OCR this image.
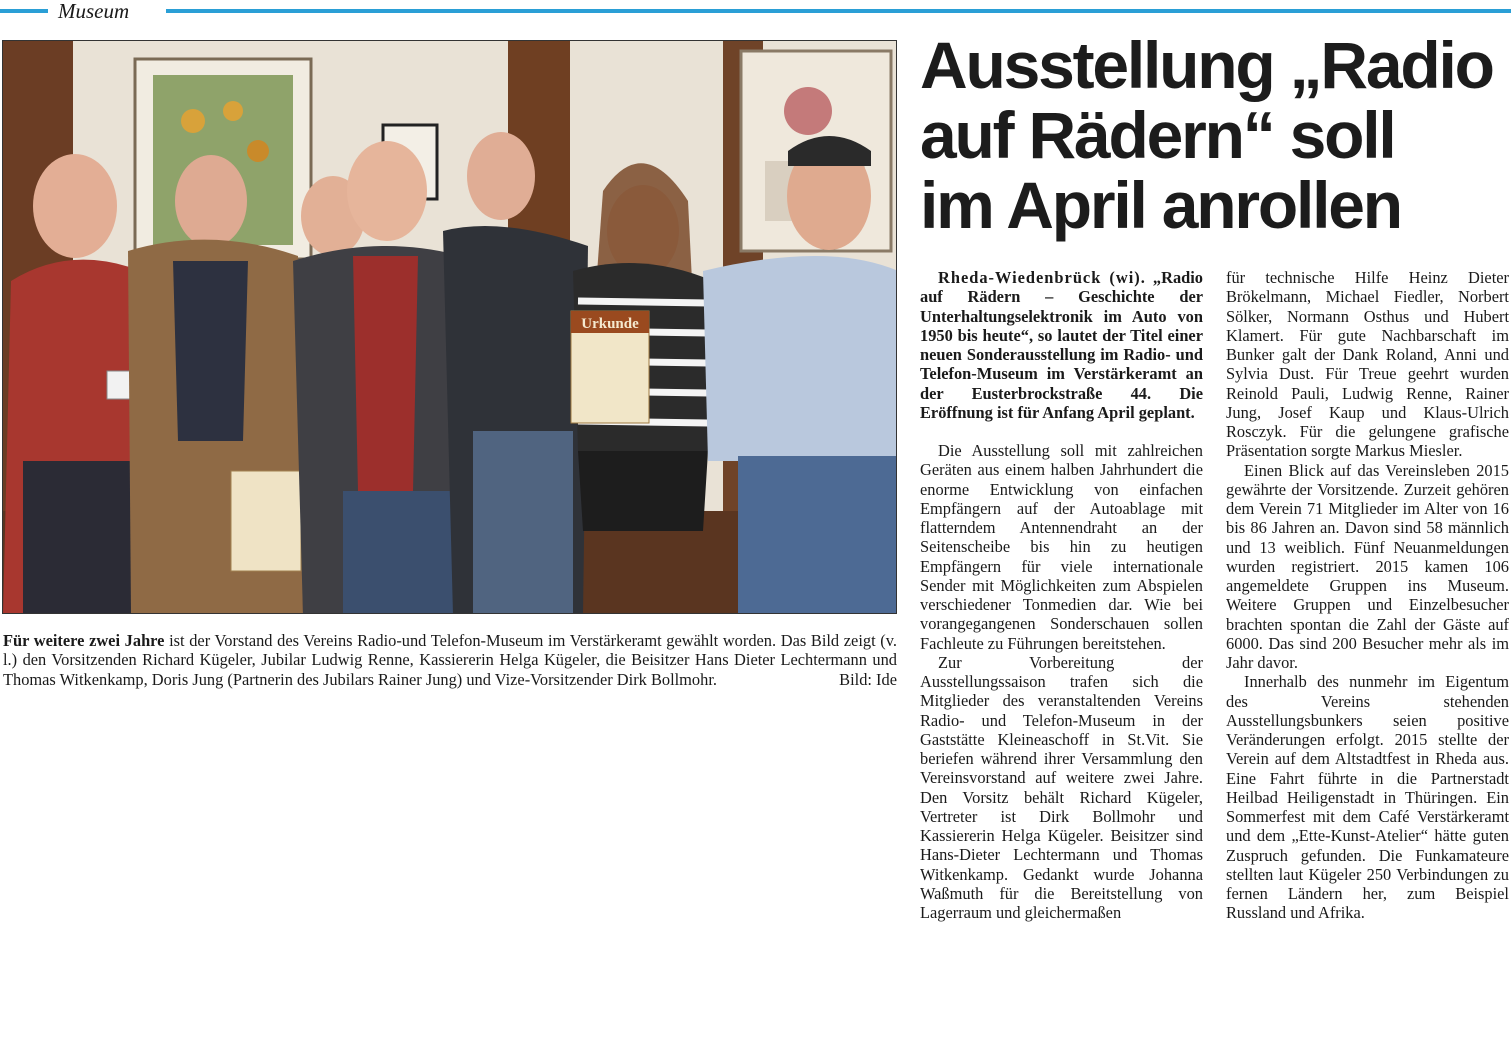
Museum
Urkunde
Für weitere zwei Jahre ist der Vorstand des Vereins Radio-und Telefon-Museum im Verstärkeramt gewählt worden. Das Bild zeigt (v. l.) den Vorsitzenden Richard Kügeler, Jubilar Ludwig Renne, Kassiererin Helga Kügeler, die Beisitzer Hans Dieter Lechtermann und Thomas Witkenkamp, Doris Jung (Partnerin des Jubilars Rainer Jung) und Vize-Vorsitzender Dirk Bollmohr.	Bild: Ide
Ausstellung „Radio
auf Rädern“ soll
im April anrollen

Rheda-Wiedenbrück (wi). „Radio auf Rädern – Geschichte der Unterhaltungselektronik im Auto von 1950 bis heute“, so lautet der Titel einer neuen Sonderausstellung im Radio- und Telefon-Museum im Verstärkeramt an der Eusterbrockstraße 44. Die Eröffnung ist für Anfang April geplant.

Die Ausstellung soll mit zahlreichen Geräten aus einem halben Jahrhundert die enorme Entwicklung von einfachen Empfängern auf der Autoablage mit flatterndem Antennendraht an der Seitenscheibe bis hin zu heutigen Empfängern für viele internationale Sender mit Möglichkeiten zum Abspielen verschiedener Tonmedien dar. Wie bei vorangegangenen Sonderschauen sollen Fachleute zu Führungen bereitstehen.

Zur Vorbereitung der Ausstellungssaison trafen sich die Mitglieder des veranstaltenden Vereins Radio- und Telefon-Museum in der Gaststätte Kleineaschoff in St.Vit. Sie beriefen während ihrer Versammlung den Vereinsvorstand auf weitere zwei Jahre. Den Vorsitz behält Richard Kügeler, Vertreter ist Dirk Bollmohr und Kassiererin Helga Kügeler. Beisitzer sind Hans-Dieter Lechtermann und Thomas Witkenkamp. Gedankt wurde Johanna Waßmuth für die Bereitstellung von Lagerraum und gleichermaßen

für technische Hilfe Heinz Dieter Brökelmann, Michael Fiedler, Norbert Sölker, Normann Osthus und Hubert Klamert. Für gute Nachbarschaft im Bunker galt der Dank Roland, Anni und Sylvia Dust. Für Treue geehrt wurden Reinold Pauli, Ludwig Renne, Rainer Jung, Josef Kaup und Klaus-Ulrich Rosczyk. Für die gelungene grafische Präsentation sorgte Markus Miesler.

Einen Blick auf das Vereinsleben 2015 gewährte der Vorsitzende. Zurzeit gehören dem Verein 71 Mitglieder im Alter von 16 bis 86 Jahren an. Davon sind 58 männlich und 13 weiblich. Fünf Neuanmeldungen wurden registriert. 2015 kamen 106 angemeldete Gruppen ins Museum. Weitere Gruppen und Einzelbesucher brachten spontan die Zahl der Gäste auf 6000. Das sind 200 Besucher mehr als im Jahr davor.

Innerhalb des nunmehr im Eigentum des Vereins stehenden Ausstellungsbunkers seien positive Veränderungen erfolgt. 2015 stellte der Verein auf dem Altstadtfest in Rheda aus. Eine Fahrt führte in die Partnerstadt Heilbad Heiligenstadt in Thüringen. Ein Sommerfest mit dem Café Verstärkeramt und dem „Ette-Kunst-Atelier“ hätte guten Zuspruch gefunden. Die Funkamateure stellten laut Kügeler 250 Verbindungen zu fernen Ländern her, zum Beispiel Russland und Afrika.
